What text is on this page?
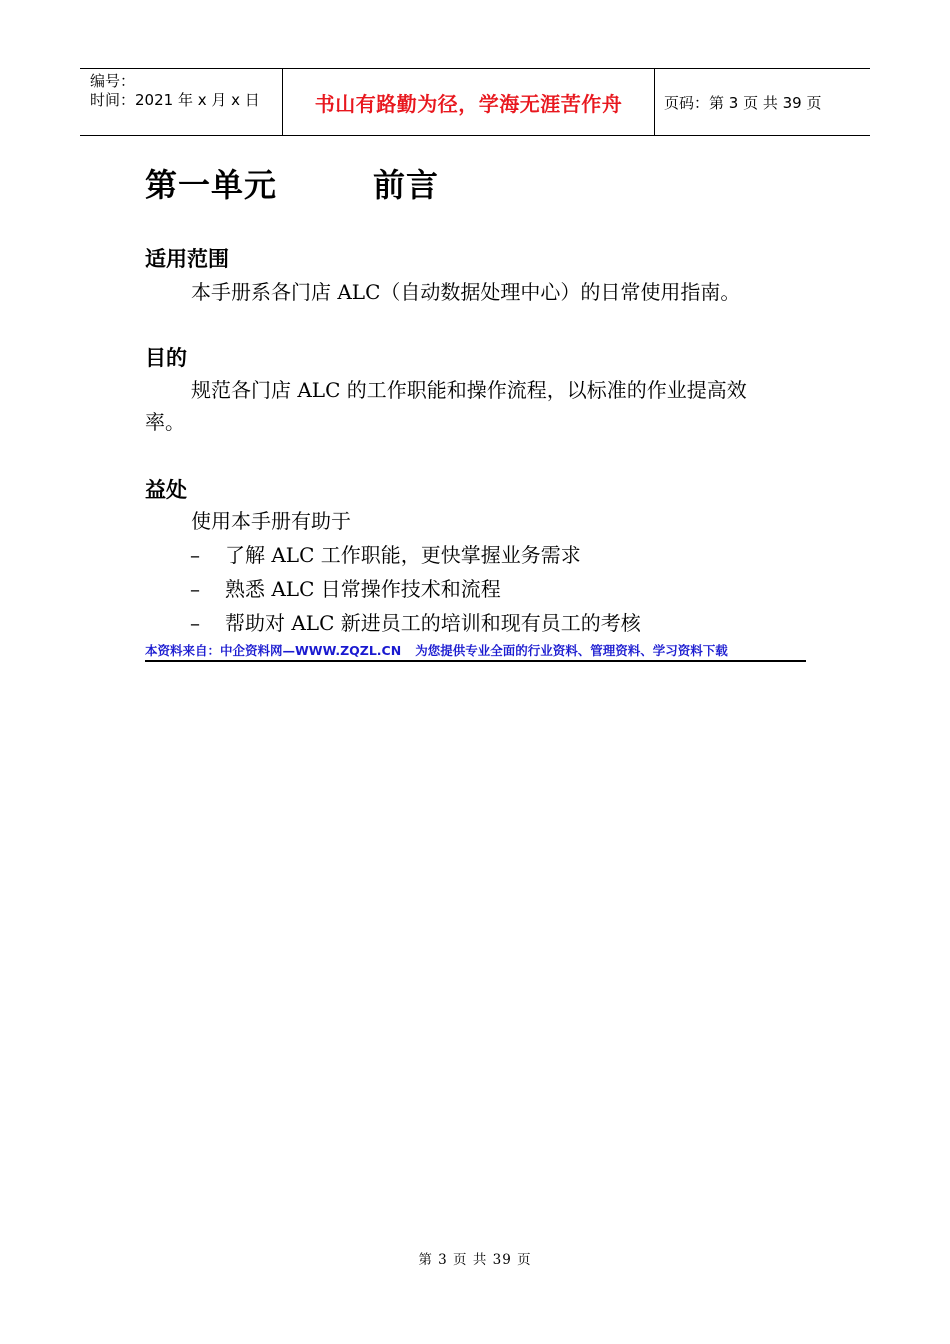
编号：
时间：2021 年 x 月 x 日	书山有路勤为径，学海无涯苦作舟	页码：第 3 页 共 39 页
第一单元	前言
适用范围
本手册系各门店 ALC（自动数据处理中心）的日常使用指南。
目的
规范各门店 ALC 的工作职能和操作流程，以标准的作业提高效
率。
益处
使用本手册有助于
– 了解 ALC 工作职能，更快掌握业务需求
– 熟悉 ALC 日常操作技术和流程
– 帮助对 ALC 新进员工的培训和现有员工的考核
本资料来自：中企资料网—WWW.ZQZL.CN 为您提供专业全面的行业资料、管理资料、学习资料下载
第 3 页 共 39 页
